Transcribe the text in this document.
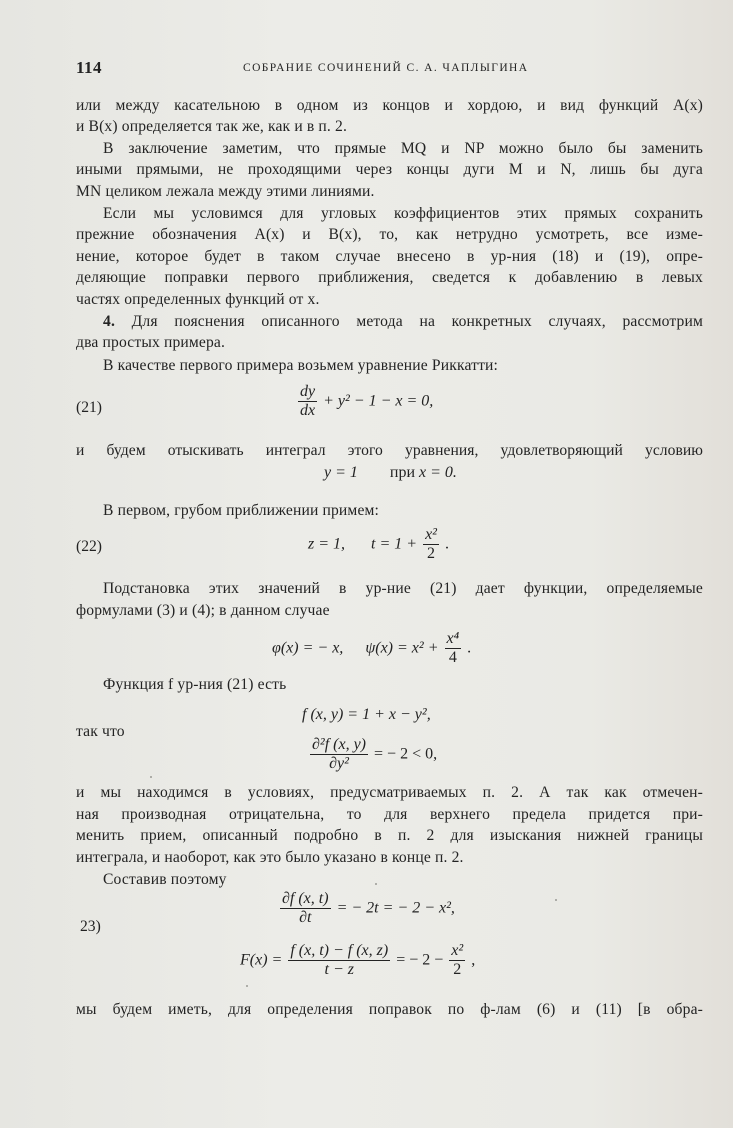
114	СОБРАНИЕ СОЧИНЕНИЙ С. А. ЧАПЛЫГИНА
или между касательною в одном из концов и хордою, и вид функций A(x)
и B(x) определяется так же, как и в п. 2.
В заключение заметим, что прямые MQ и NP можно было бы заменить
иными прямыми, не проходящими через концы дуги M и N, лишь бы дуга
MN целиком лежала между этими линиями.
Если мы условимся для угловых коэффициентов этих прямых сохранить
прежние обозначения A(x) и B(x), то, как нетрудно усмотреть, все изме-
нение, которое будет в таком случае внесено в ур-ния (18) и (19), опре-
деляющие поправки первого приближения, сведется к добавлению в левых
частях определенных функций от x.
4. Для пояснения описанного метода на конкретных случаях, рассмотрим
два простых примера.
В качестве первого примера возьмем уравнение Риккатти:
(21)	$\frac{dy}{dx} + y^2 - 1 - x = 0$,
и будем отыскивать интеграл этого уравнения, удовлетворяющий условию
y = 1 при x = 0.
В первом, грубом приближении примем:
(22)	z = 1, $t = 1 + \frac{\text{x²}}{2}$ .
Подстановка этих значений в ур-ние (21) дает функции, определяемые
формулами (3) и (4); в данном случае
φ(x) = − x, $\psi(x) = x^2 + \frac{\text{x⁴}}{4}$ .
Функция f ур-ния (21) есть
f (x, y) = 1 + x − y²,
так что
$\frac{\text{∂²f (x, y)}}{\text{∂y²}}$ = − 2 < 0,
и мы находимся в условиях, предусматриваемых п. 2. А так как отмечен-
ная производная отрицательна, то для верхнего предела придется при-
менить прием, описанный подробно в п. 2 для изыскания нижней границы
интеграла, и наоборот, как это было указано в конце п. 2.
Составив поэтому
23)	$\frac{\partial f (x, t)}{\partial t}$ = − 2t = − 2 − x²,
$F(x) = \frac{f (x, t) - f (x, z)}{t - z}$ = − $2 - \frac{\text{x²}}{2}$ ,
мы будем иметь, для определения поправок по ф-лам (6) и (11) [в обра-
